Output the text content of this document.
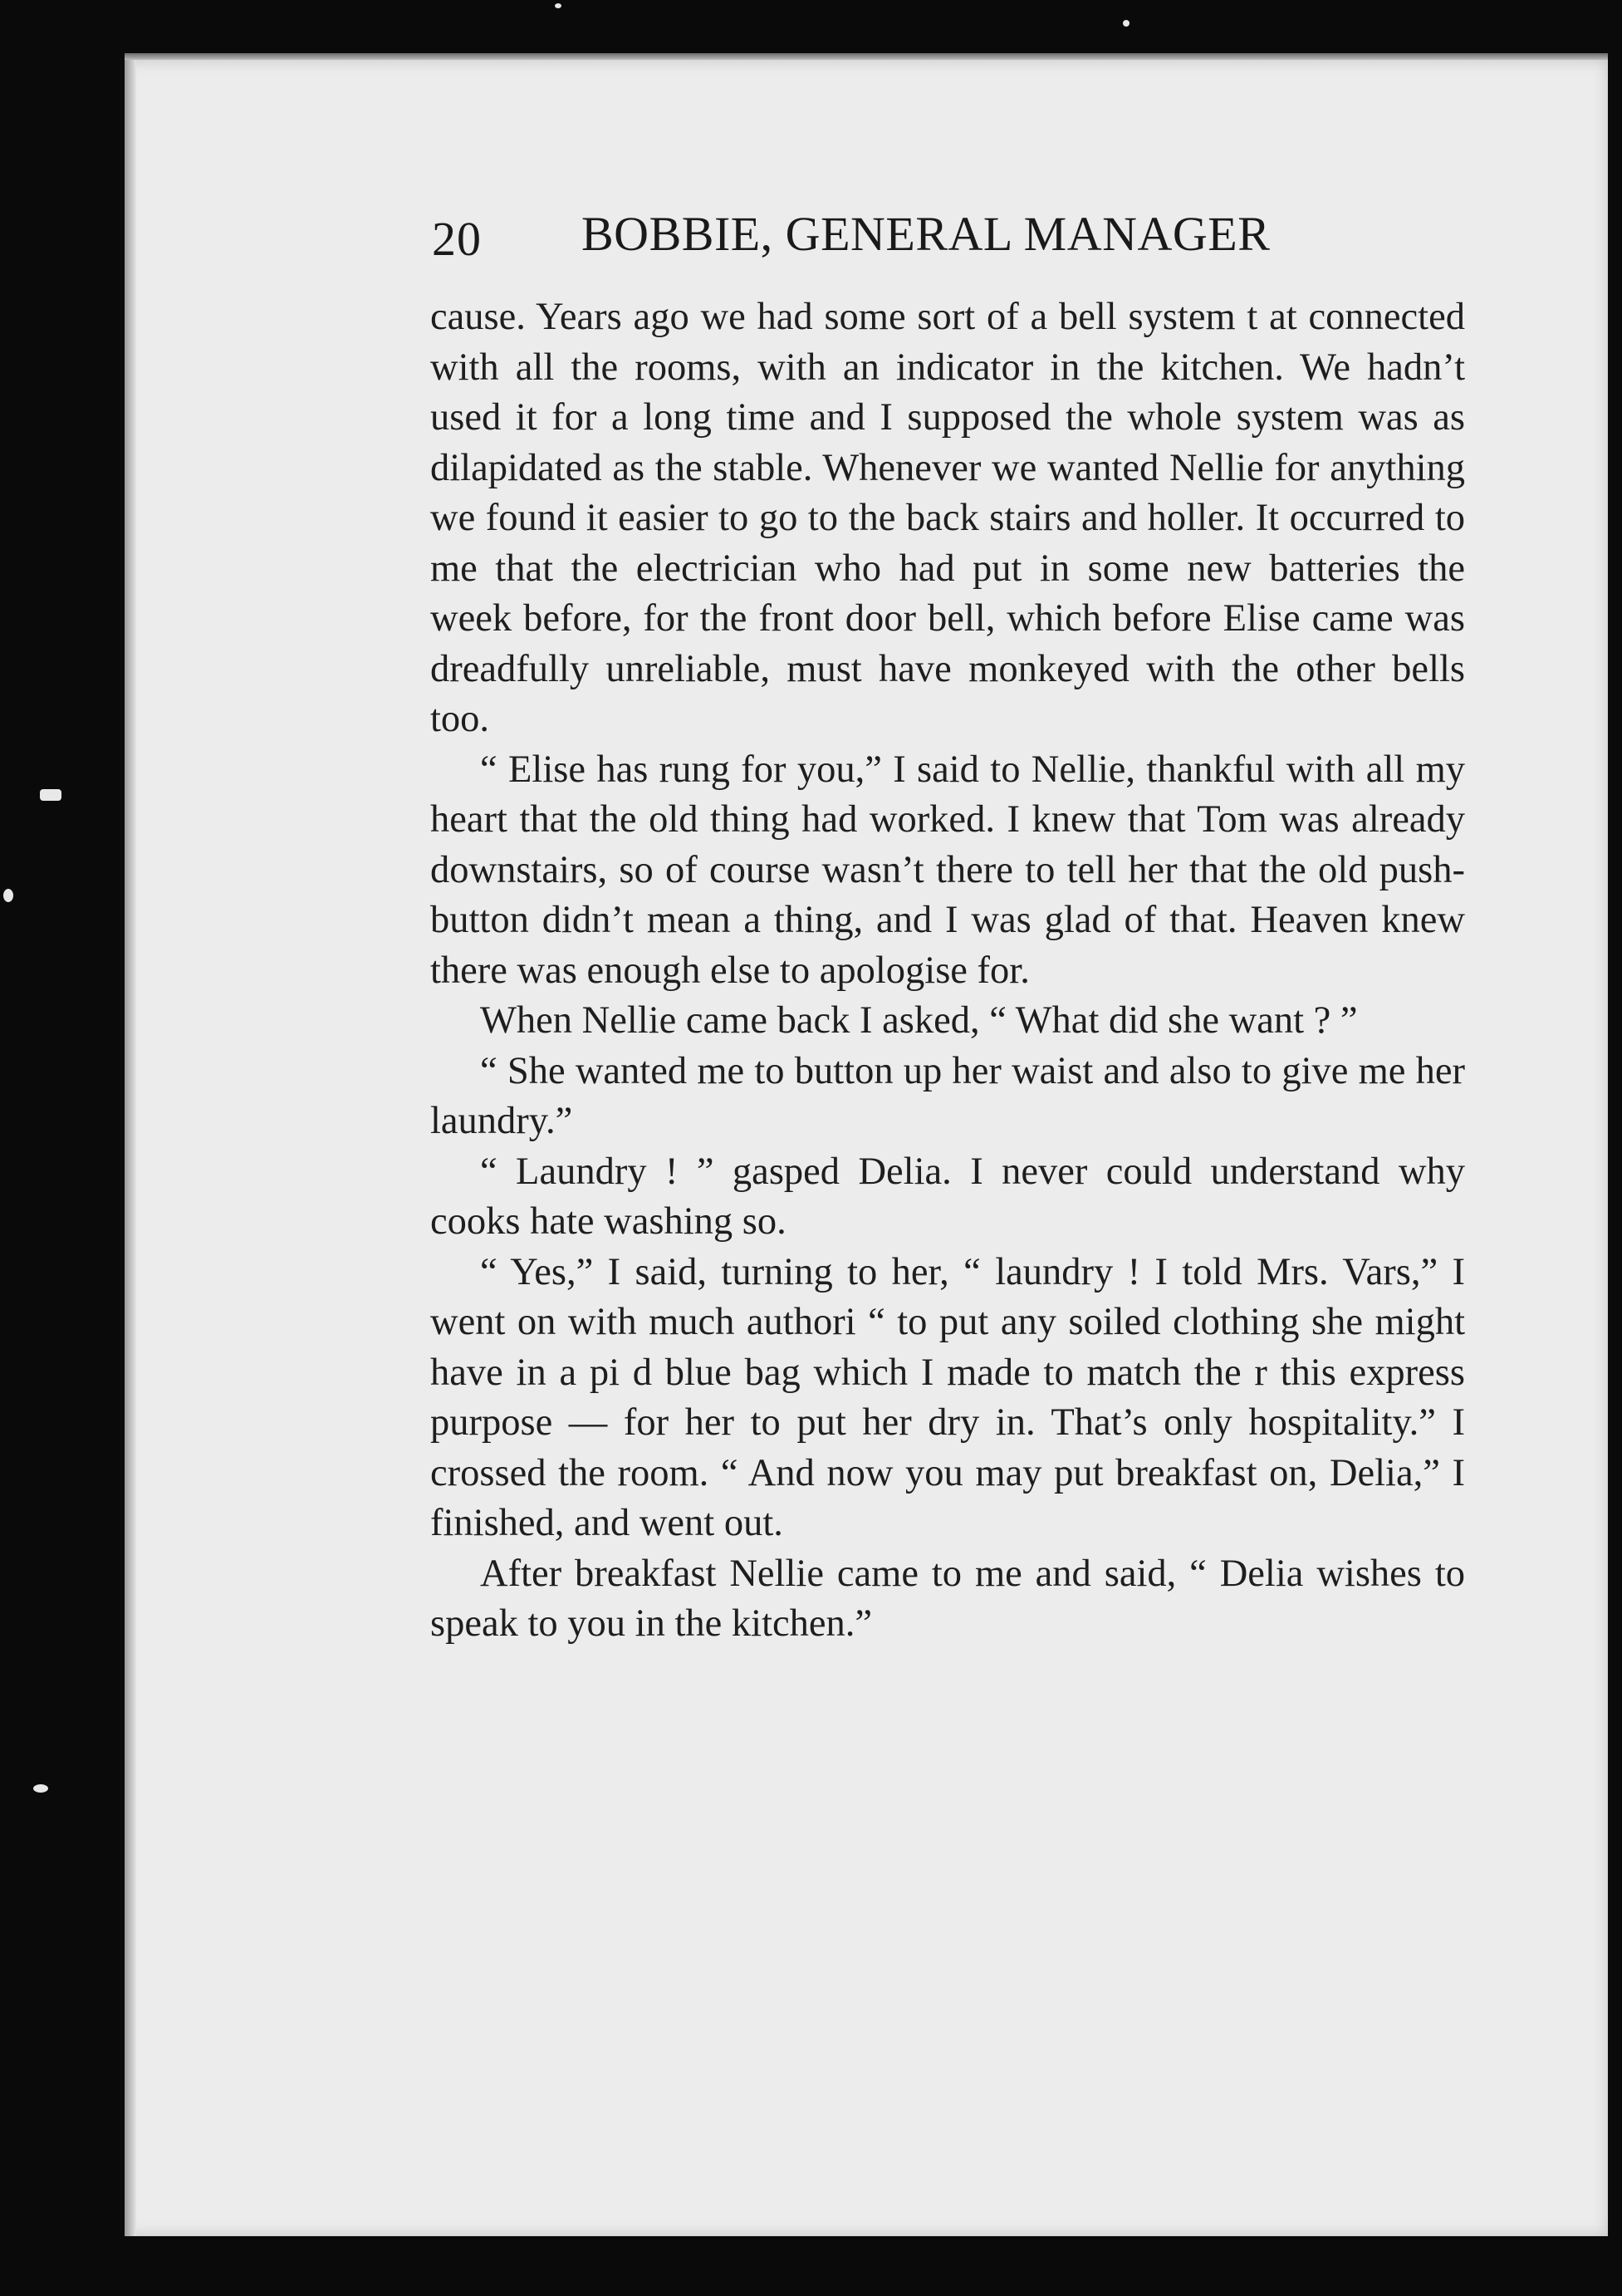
20 BOBBIE, GENERAL MANAGER

cause. Years ago we had some sort of a bell system t at connected with all the rooms, with an indicator in the kitchen. We hadn’t used it for a long time and I supposed the whole system was as dilapidated as the stable. Whenever we wanted Nellie for anything we found it easier to go to the back stairs and holler. It occurred to me that the electrician who had put in some new batteries the week before, for the front door bell, which before Elise came was dreadfully unreliable, must have monkeyed with the other bells too.

“ Elise has rung for you,” I said to Nellie, thankful with all my heart that the old thing had worked. I knew that Tom was already downstairs, so of course wasn’t there to tell her that the old push-button didn’t mean a thing, and I was glad of that. Heaven knew there was enough else to apologise for.

When Nellie came back I asked, “ What did she want ? ”

“ She wanted me to button up her waist and also to give me her laundry.”

“ Laundry ! ” gasped Delia. I never could understand why cooks hate washing so.

“ Yes,” I said, turning to her, “ laundry ! I told Mrs. Vars,” I went on with much authori “ to put any soiled clothing she might have in a pi d blue bag which I made to match the r this express purpose — for her to put her dry in. That’s only hospitality.” I crossed the room. “ And now you may put breakfast on, Delia,” I finished, and went out.

After breakfast Nellie came to me and said, “ Delia wishes to speak to you in the kitchen.”
